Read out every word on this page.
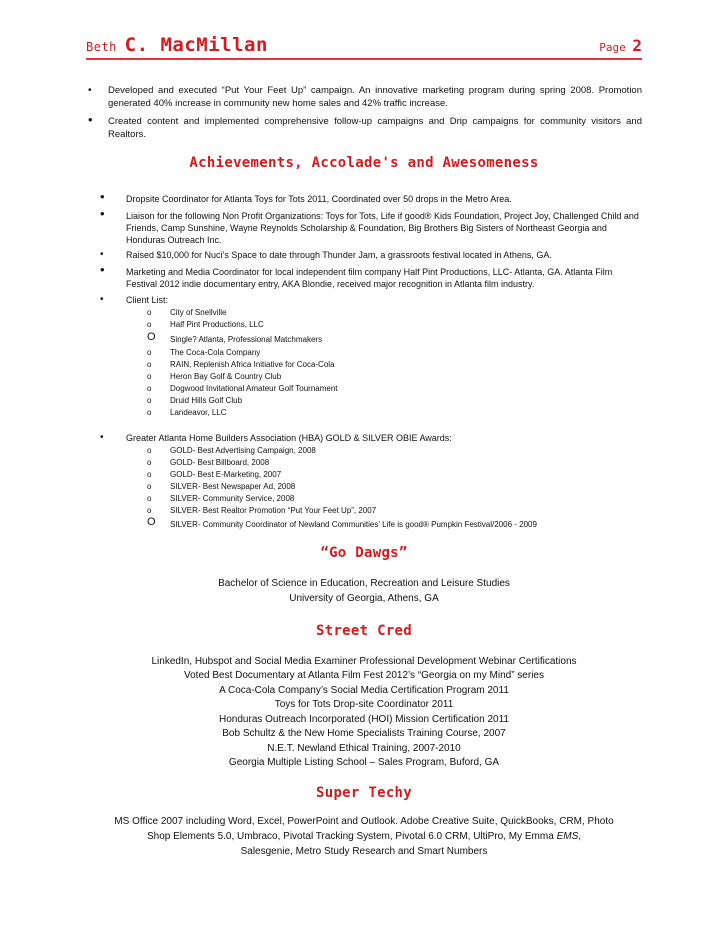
Beth C. MacMillan	Page 2
• Developed and executed “Put Your Feet Up” campaign. An innovative marketing program during spring 2008. Promotion generated 40% increase in community new home sales and 42% traffic increase.
• Created content and implemented comprehensive follow-up campaigns and Drip campaigns for community visitors and Realtors.
Achievements, Accolade's and Awesomeness
• Dropsite Coordinator for Atlanta Toys for Tots 2011, Coordinated over 50 drops in the Metro Area.
• Liaison for the following Non Profit Organizations: Toys for Tots, Life if good® Kids Foundation, Project Joy, Challenged Child and Friends, Camp Sunshine, Wayne Reynolds Scholarship & Foundation, Big Brothers Big Sisters of Northeast Georgia and Honduras Outreach Inc.
• Raised $10,000 for Nuci’s Space to date through Thunder Jam, a grassroots festival located in Athens, GA.
• Marketing and Media Coordinator for local independent film company Half Pint Productions, LLC- Atlanta, GA. Atlanta Film Festival 2012 indie documentary entry, AKA Blondie, received major recognition in Atlanta film industry.
• Client List:
o City of Snellville
o Half Pint Productions, LLC
O Single? Atlanta, Professional Matchmakers
o The Coca-Cola Company
o RAIN, Replenish Africa Initiative for Coca-Cola
o Heron Bay Golf & Country Club
o Dogwood Invitational Amateur Golf Tournament
o Druid Hills Golf Club
o Landeavor, LLC
• Greater Atlanta Home Builders Association (HBA) GOLD & SILVER OBIE Awards:
o GOLD- Best Advertising Campaign, 2008
o GOLD- Best Billboard, 2008
o GOLD- Best E-Marketing, 2007
o SILVER- Best Newspaper Ad, 2008
o SILVER- Community Service, 2008
o SILVER- Best Realtor Promotion “Put Your Feet Up”, 2007
O SILVER- Community Coordinator of Newland Communities’ Life is good® Pumpkin Festival/2006 - 2009
“Go Dawgs”
Bachelor of Science in Education, Recreation and Leisure Studies
University of Georgia, Athens, GA
Street Cred
LinkedIn, Hubspot and Social Media Examiner Professional Development Webinar Certifications
Voted Best Documentary at Atlanta Film Fest 2012’s “Georgia on my Mind” series
A Coca-Cola Company’s Social Media Certification Program 2011
Toys for Tots Drop-site Coordinator 2011
Honduras Outreach Incorporated (HOI) Mission Certification 2011
Bob Schultz & the New Home Specialists Training Course, 2007
N.E.T. Newland Ethical Training, 2007-2010
Georgia Multiple Listing School – Sales Program, Buford, GA
Super Techy
MS Office 2007 including Word, Excel, PowerPoint and Outlook. Adobe Creative Suite, QuickBooks, CRM, Photo
Shop Elements 5.0, Umbraco, Pivotal Tracking System, Pivotal 6.0 CRM, UltiPro, My Emma EMS,
Salesgenie, Metro Study Research and Smart Numbers
